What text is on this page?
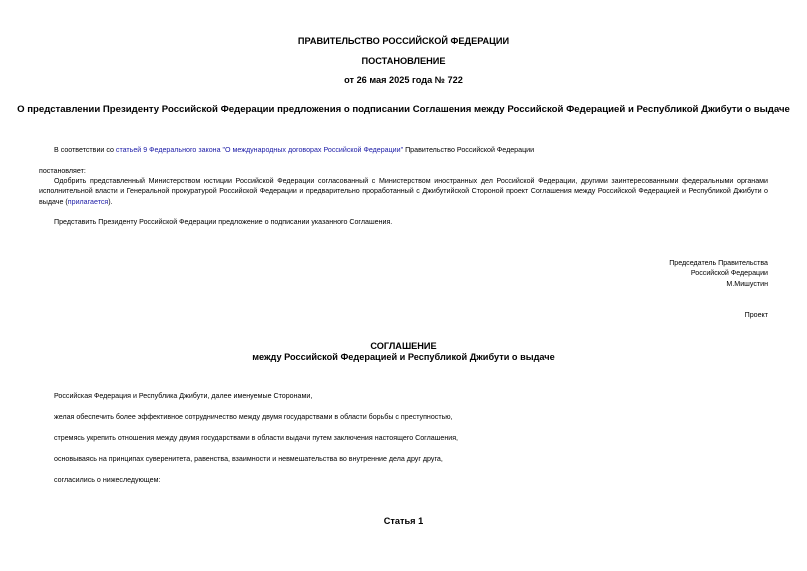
ПРАВИТЕЛЬСТВО РОССИЙСКОЙ ФЕДЕРАЦИИ
ПОСТАНОВЛЕНИЕ
от 26 мая 2025 года № 722
О представлении Президенту Российской Федерации предложения о подписании Соглашения между Российской Федерацией и Республикой Джибути о выдаче
В соответствии со статьей 9 Федерального закона "О международных договорах Российской Федерации" Правительство Российской Федерации
постановляет:
Одобрить представленный Министерством юстиции Российской Федерации согласованный с Министерством иностранных дел Российской Федерации, другими заинтересованными федеральными органами исполнительной власти и Генеральной прокуратурой Российской Федерации и предварительно проработанный с Джибутийской Стороной проект Соглашения между Российской Федерацией и Республикой Джибути о выдаче (прилагается).
Представить Президенту Российской Федерации предложение о подписании указанного Соглашения.
Председатель Правительства
Российской Федерации
М.Мишустин
Проект
СОГЛАШЕНИЕ
между Российской Федерацией и Республикой Джибути о выдаче
Российская Федерация и Республика Джибути, далее именуемые Сторонами,
желая обеспечить более эффективное сотрудничество между двумя государствами в области борьбы с преступностью,
стремясь укрепить отношения между двумя государствами в области выдачи путем заключения настоящего Соглашения,
основываясь на принципах суверенитета, равенства, взаимности и невмешательства во внутренние дела друг друга,
согласились о нижеследующем:
Статья 1
